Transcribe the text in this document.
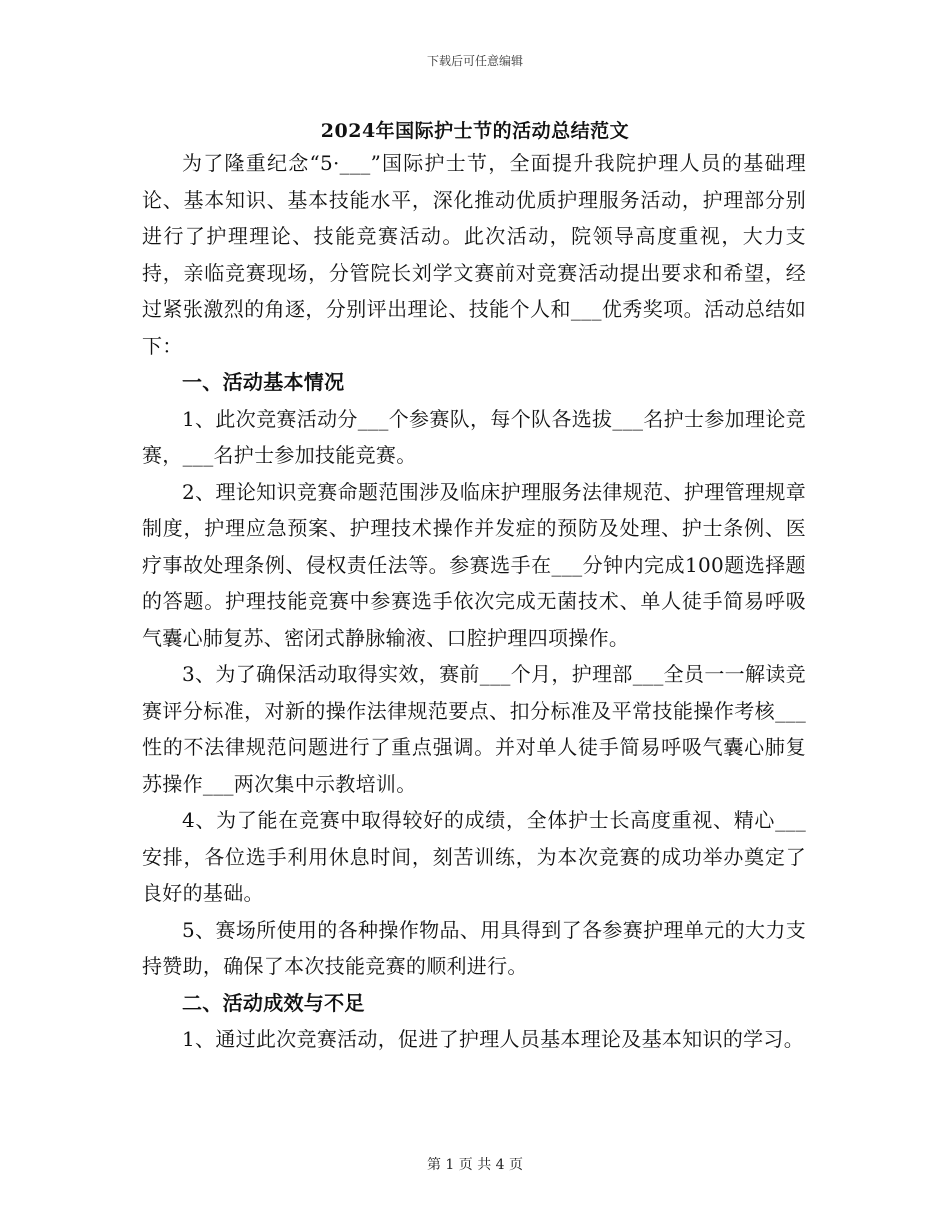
下载后可任意编辑
2024年国际护士节的活动总结范文

为了隆重纪念“5·___”国际护士节，全面提升我院护理人员的基础理论、基本知识、基本技能水平，深化推动优质护理服务活动，护理部分别进行了护理理论、技能竞赛活动。此次活动，院领导高度重视，大力支持，亲临竞赛现场，分管院长刘学文赛前对竞赛活动提出要求和希望，经过紧张激烈的角逐，分别评出理论、技能个人和___优秀奖项。活动总结如下：

一、活动基本情况

1、此次竞赛活动分___个参赛队，每个队各选拔___名护士参加理论竞赛，___名护士参加技能竞赛。

2、理论知识竞赛命题范围涉及临床护理服务法律规范、护理管理规章制度，护理应急预案、护理技术操作并发症的预防及处理、护士条例、医疗事故处理条例、侵权责任法等。参赛选手在___分钟内完成100题选择题的答题。护理技能竞赛中参赛选手依次完成无菌技术、单人徒手简易呼吸气囊心肺复苏、密闭式静脉输液、口腔护理四项操作。

3、为了确保活动取得实效，赛前___个月，护理部___全员一一解读竞赛评分标准，对新的操作法律规范要点、扣分标准及平常技能操作考核___性的不法律规范问题进行了重点强调。并对单人徒手简易呼吸气囊心肺复苏操作___两次集中示教培训。

4、为了能在竞赛中取得较好的成绩，全体护士长高度重视、精心___安排，各位选手利用休息时间，刻苦训练，为本次竞赛的成功举办奠定了良好的基础。

5、赛场所使用的各种操作物品、用具得到了各参赛护理单元的大力支持赞助，确保了本次技能竞赛的顺利进行。

二、活动成效与不足

1、通过此次竞赛活动，促进了护理人员基本理论及基本知识的学习。

第 1 页 共 4 页
